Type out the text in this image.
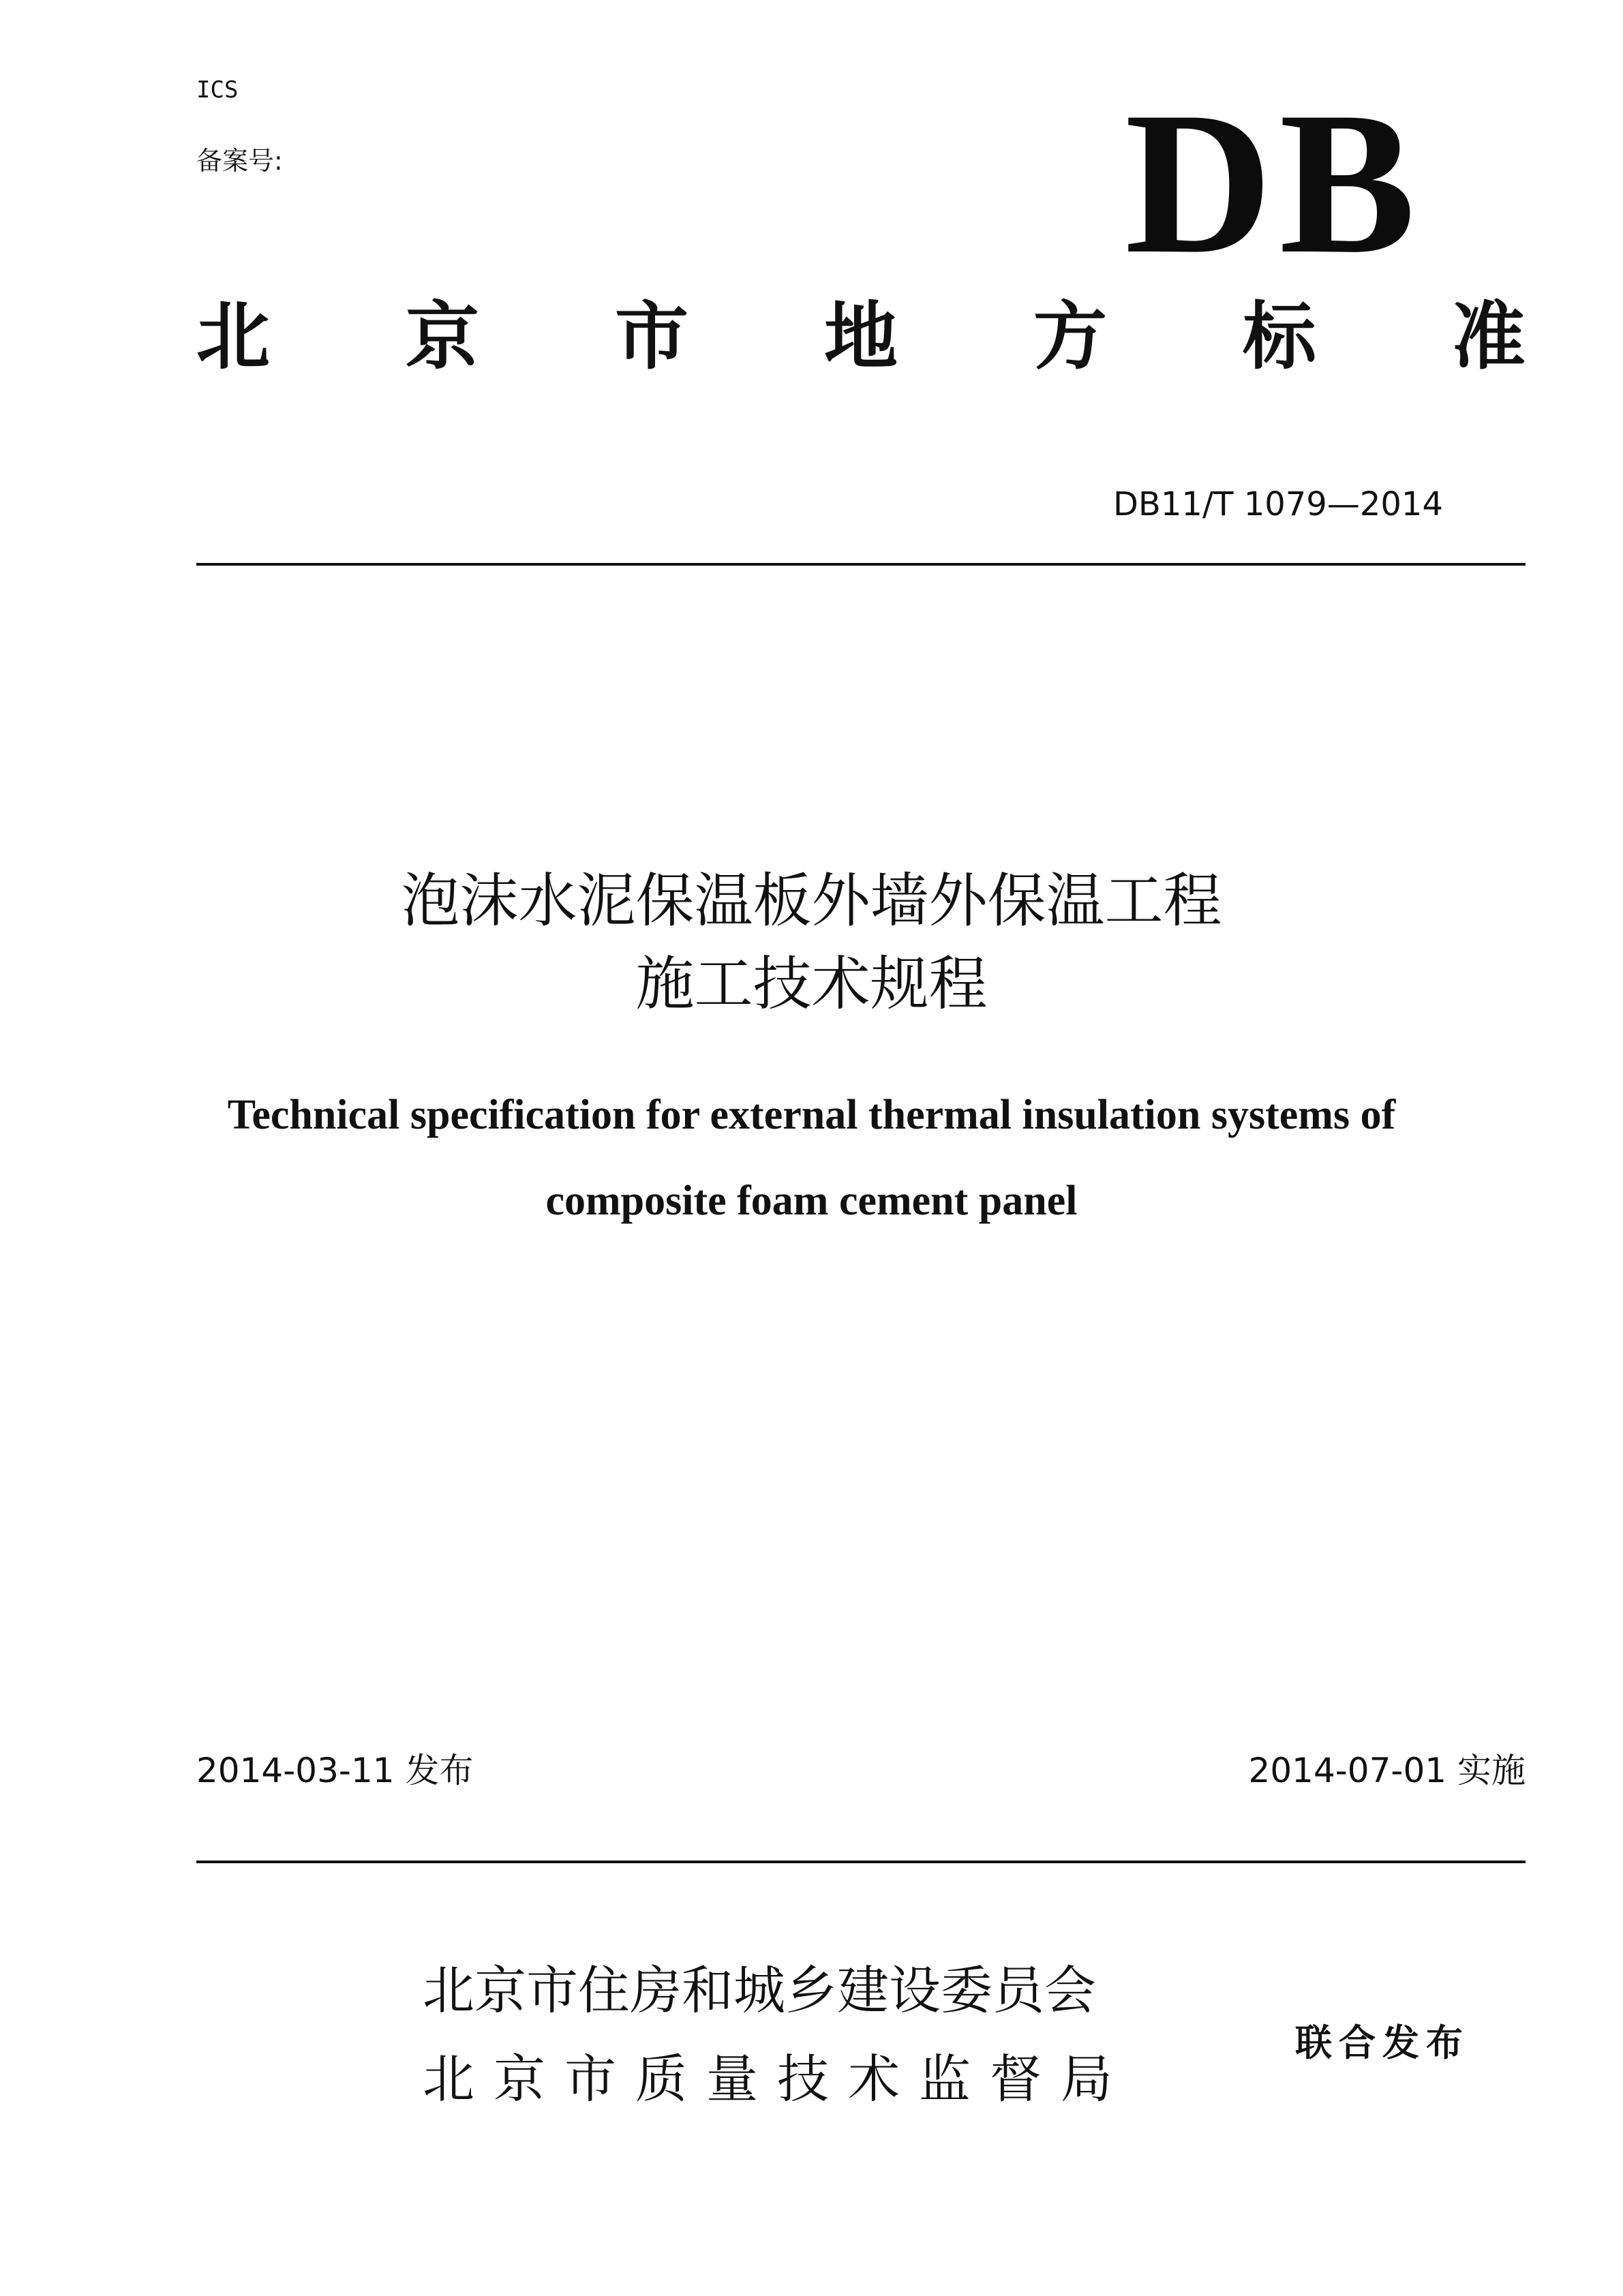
ICS
备案号:	DB
北 京 市 地 方 标 准
DB11/T 1079—2014
泡沫水泥保温板外墙外保温工程
施工技术规程
Technical specification for external thermal insulation systems of
composite foam cement panel
2014-03-11 发布	2014-07-01 实施
北京市住房和城乡建设委员会
北京市质量技术监督局
联合发布
